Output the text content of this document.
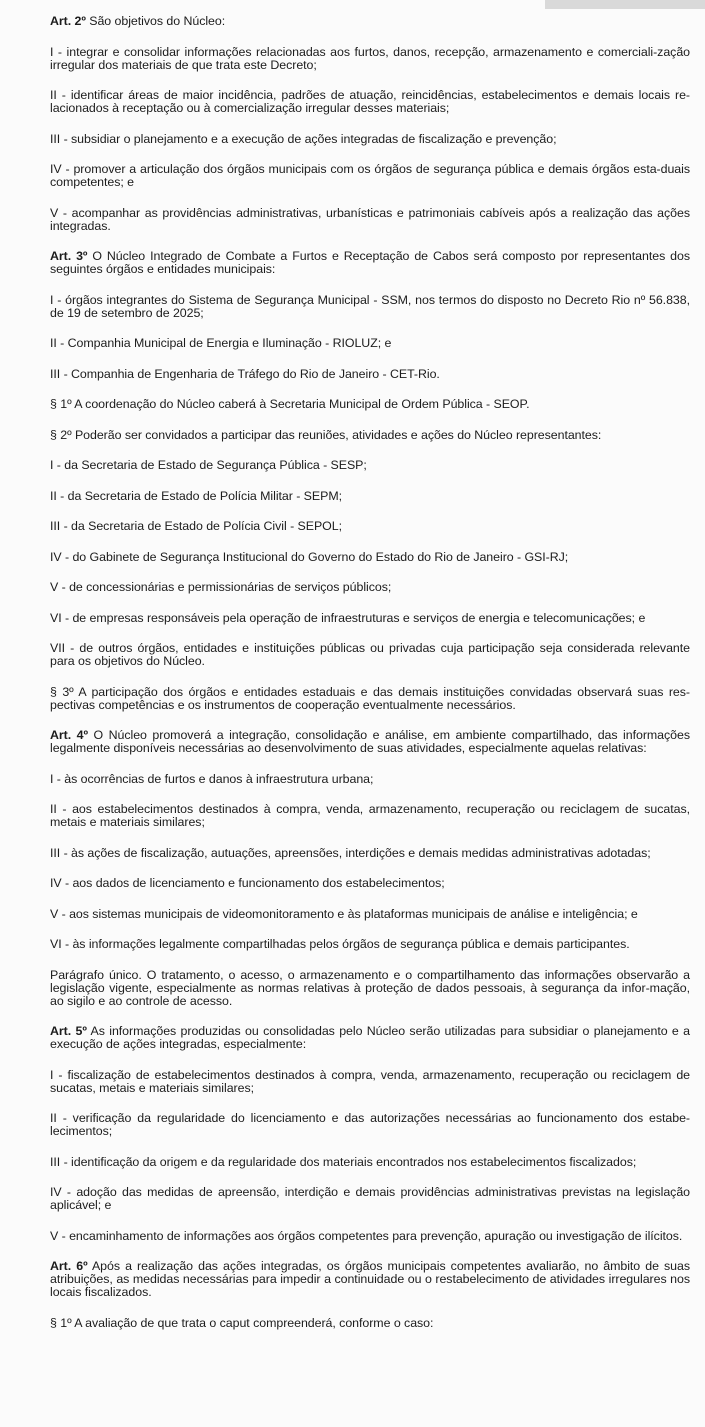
Art. 2º São objetivos do Núcleo:

I - integrar e consolidar informações relacionadas aos furtos, danos, recepção, armazenamento e comerciali-zação irregular dos materiais de que trata este Decreto;

II - identificar áreas de maior incidência, padrões de atuação, reincidências, estabelecimentos e demais locais re-lacionados à receptação ou à comercialização irregular desses materiais;

III - subsidiar o planejamento e a execução de ações integradas de fiscalização e prevenção;

IV - promover a articulação dos órgãos municipais com os órgãos de segurança pública e demais órgãos esta-duais competentes; e

V - acompanhar as providências administrativas, urbanísticas e patrimoniais cabíveis após a realização das ações integradas.

Art. 3º O Núcleo Integrado de Combate a Furtos e Receptação de Cabos será composto por representantes dos seguintes órgãos e entidades municipais:

I - órgãos integrantes do Sistema de Segurança Municipal - SSM, nos termos do disposto no Decreto Rio nº 56.838, de 19 de setembro de 2025;

II - Companhia Municipal de Energia e Iluminação - RIOLUZ; e

III - Companhia de Engenharia de Tráfego do Rio de Janeiro - CET-Rio.

§ 1º A coordenação do Núcleo caberá à Secretaria Municipal de Ordem Pública - SEOP.

§ 2º Poderão ser convidados a participar das reuniões, atividades e ações do Núcleo representantes:

I - da Secretaria de Estado de Segurança Pública - SESP;

II - da Secretaria de Estado de Polícia Militar - SEPM;

III - da Secretaria de Estado de Polícia Civil - SEPOL;

IV - do Gabinete de Segurança Institucional do Governo do Estado do Rio de Janeiro - GSI-RJ;

V - de concessionárias e permissionárias de serviços públicos;

VI - de empresas responsáveis pela operação de infraestruturas e serviços de energia e telecomunicações; e

VII - de outros órgãos, entidades e instituições públicas ou privadas cuja participação seja considerada relevante para os objetivos do Núcleo.

§ 3º A participação dos órgãos e entidades estaduais e das demais instituições convidadas observará suas res-pectivas competências e os instrumentos de cooperação eventualmente necessários.

Art. 4º O Núcleo promoverá a integração, consolidação e análise, em ambiente compartilhado, das informações legalmente disponíveis necessárias ao desenvolvimento de suas atividades, especialmente aquelas relativas:

I - às ocorrências de furtos e danos à infraestrutura urbana;

II - aos estabelecimentos destinados à compra, venda, armazenamento, recuperação ou reciclagem de sucatas, metais e materiais similares;

III - às ações de fiscalização, autuações, apreensões, interdições e demais medidas administrativas adotadas;

IV - aos dados de licenciamento e funcionamento dos estabelecimentos;

V - aos sistemas municipais de videomonitoramento e às plataformas municipais de análise e inteligência; e

VI - às informações legalmente compartilhadas pelos órgãos de segurança pública e demais participantes.

Parágrafo único. O tratamento, o acesso, o armazenamento e o compartilhamento das informações observarão a legislação vigente, especialmente as normas relativas à proteção de dados pessoais, à segurança da infor-mação, ao sigilo e ao controle de acesso.

Art. 5º As informações produzidas ou consolidadas pelo Núcleo serão utilizadas para subsidiar o planejamento e a execução de ações integradas, especialmente:

I - fiscalização de estabelecimentos destinados à compra, venda, armazenamento, recuperação ou reciclagem de sucatas, metais e materiais similares;

II - verificação da regularidade do licenciamento e das autorizações necessárias ao funcionamento dos estabe-lecimentos;

III - identificação da origem e da regularidade dos materiais encontrados nos estabelecimentos fiscalizados;

IV - adoção das medidas de apreensão, interdição e demais providências administrativas previstas na legislação aplicável; e

V - encaminhamento de informações aos órgãos competentes para prevenção, apuração ou investigação de ilícitos.

Art. 6º Após a realização das ações integradas, os órgãos municipais competentes avaliarão, no âmbito de suas atribuições, as medidas necessárias para impedir a continuidade ou o restabelecimento de atividades irregulares nos locais fiscalizados.

§ 1º A avaliação de que trata o caput compreenderá, conforme o caso:
